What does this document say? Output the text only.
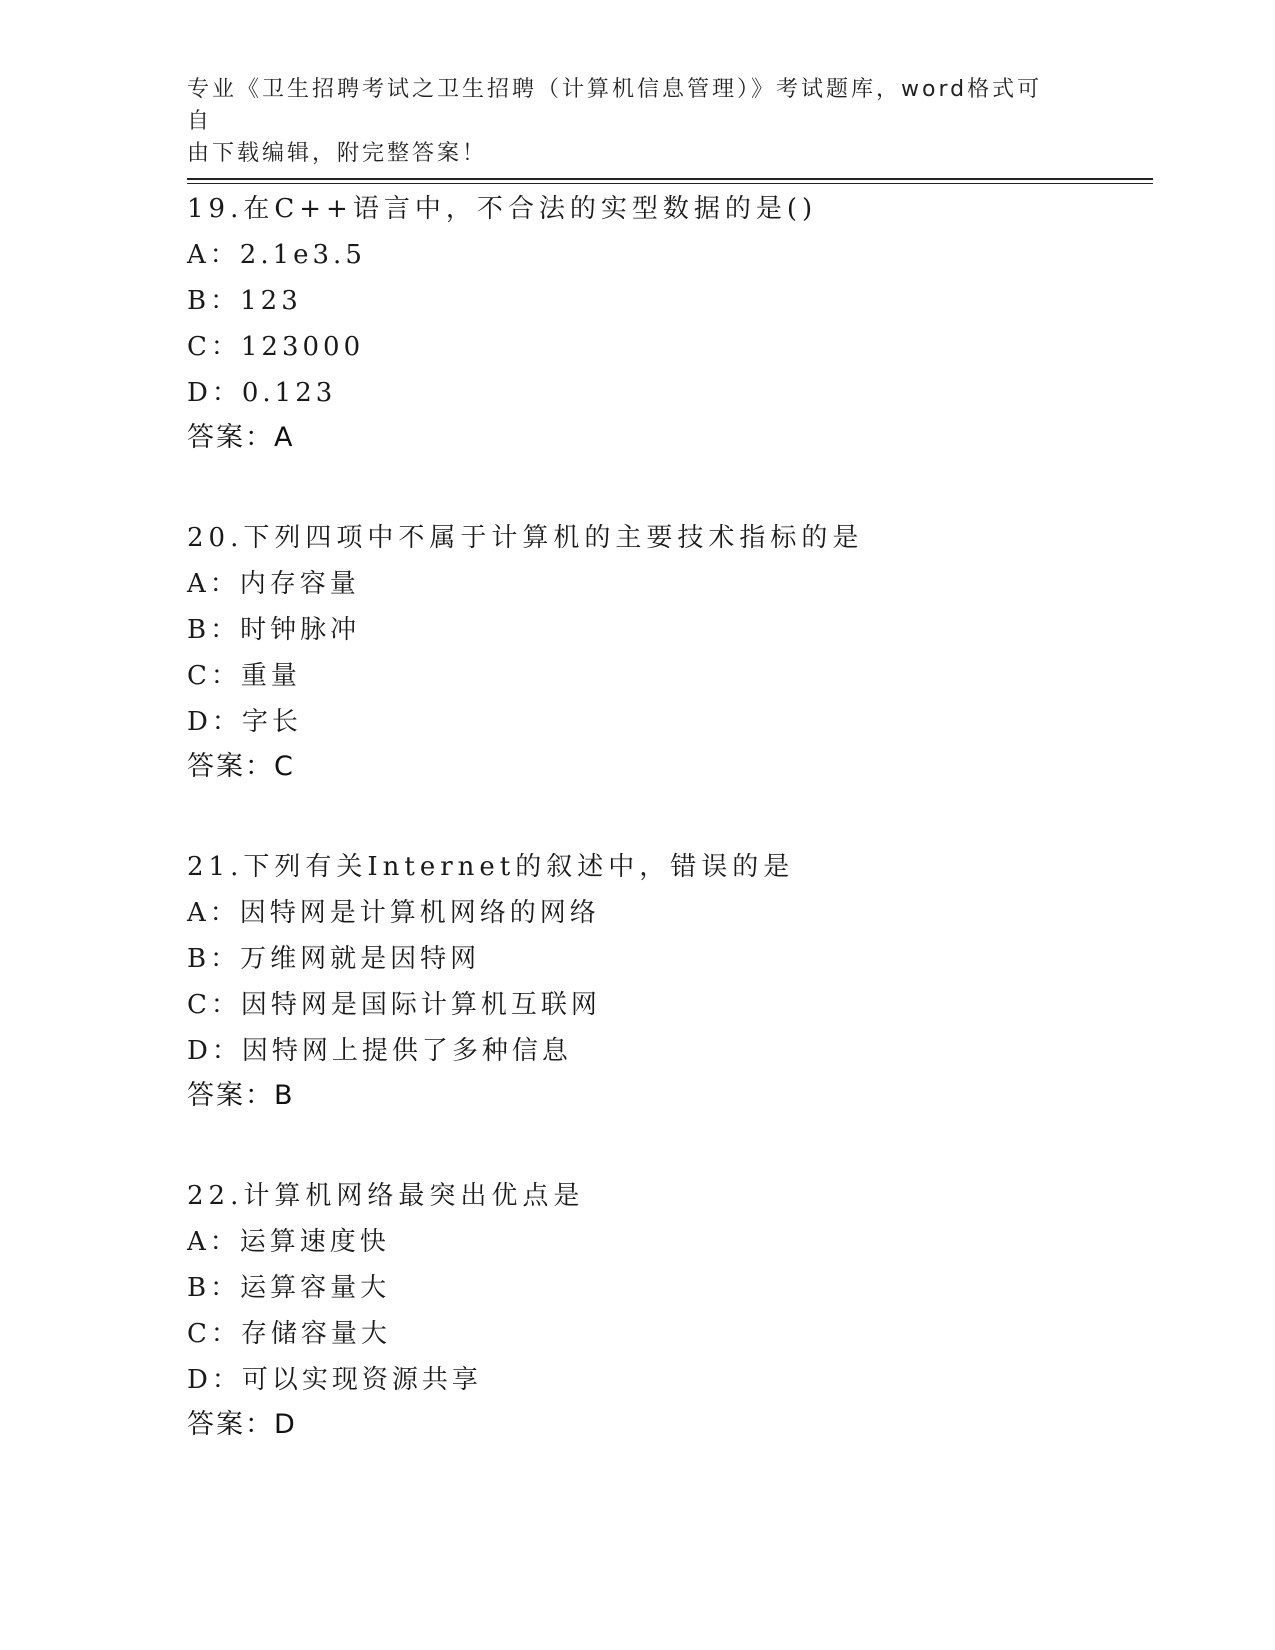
专业《卫生招聘考试之卫生招聘（计算机信息管理）》考试题库，word格式可自
由下载编辑，附完整答案！
19.在C++语言中，不合法的实型数据的是()
A：2.1e3.5
B：123
C：123000
D：0.123
答案：A
20.下列四项中不属于计算机的主要技术指标的是
A：内存容量
B：时钟脉冲
C：重量
D：字长
答案：C
21.下列有关Internet的叙述中，错误的是
A：因特网是计算机网络的网络
B：万维网就是因特网
C：因特网是国际计算机互联网
D：因特网上提供了多种信息
答案：B
22.计算机网络最突出优点是
A：运算速度快
B：运算容量大
C：存储容量大
D：可以实现资源共享
答案：D
